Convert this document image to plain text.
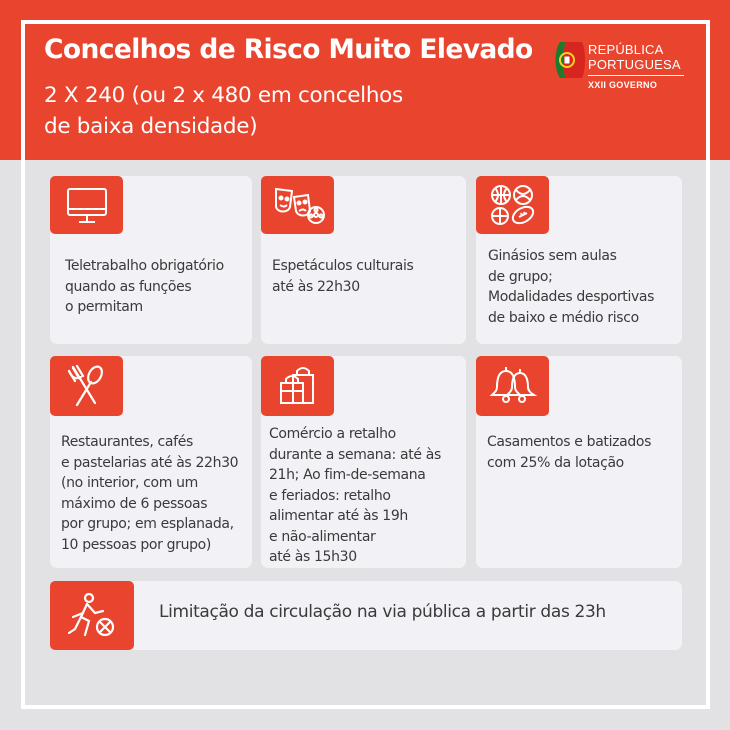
Concelhos de Risco Muito Elevado
2 X 240 (ou 2 x 480 em concelhos
de baixa densidade)
REPÚBLICA
PORTUGUESA
XXII GOVERNO
Teletrabalho obrigatório
quando as funções
o permitam
Espetáculos culturais
até às 22h30
Ginásios sem aulas
de grupo;
Modalidades desportivas
de baixo e médio risco
Restaurantes, cafés
e pastelarias até às 22h30
(no interior, com um
máximo de 6 pessoas
por grupo; em esplanada,
10 pessoas por grupo)
Comércio a retalho
durante a semana: até às
21h; Ao fim-de-semana
e feriados: retalho
alimentar até às 19h
e não-alimentar
até às 15h30
Casamentos e batizados
com 25% da lotação
Limitação da circulação na via pública a partir das 23h
